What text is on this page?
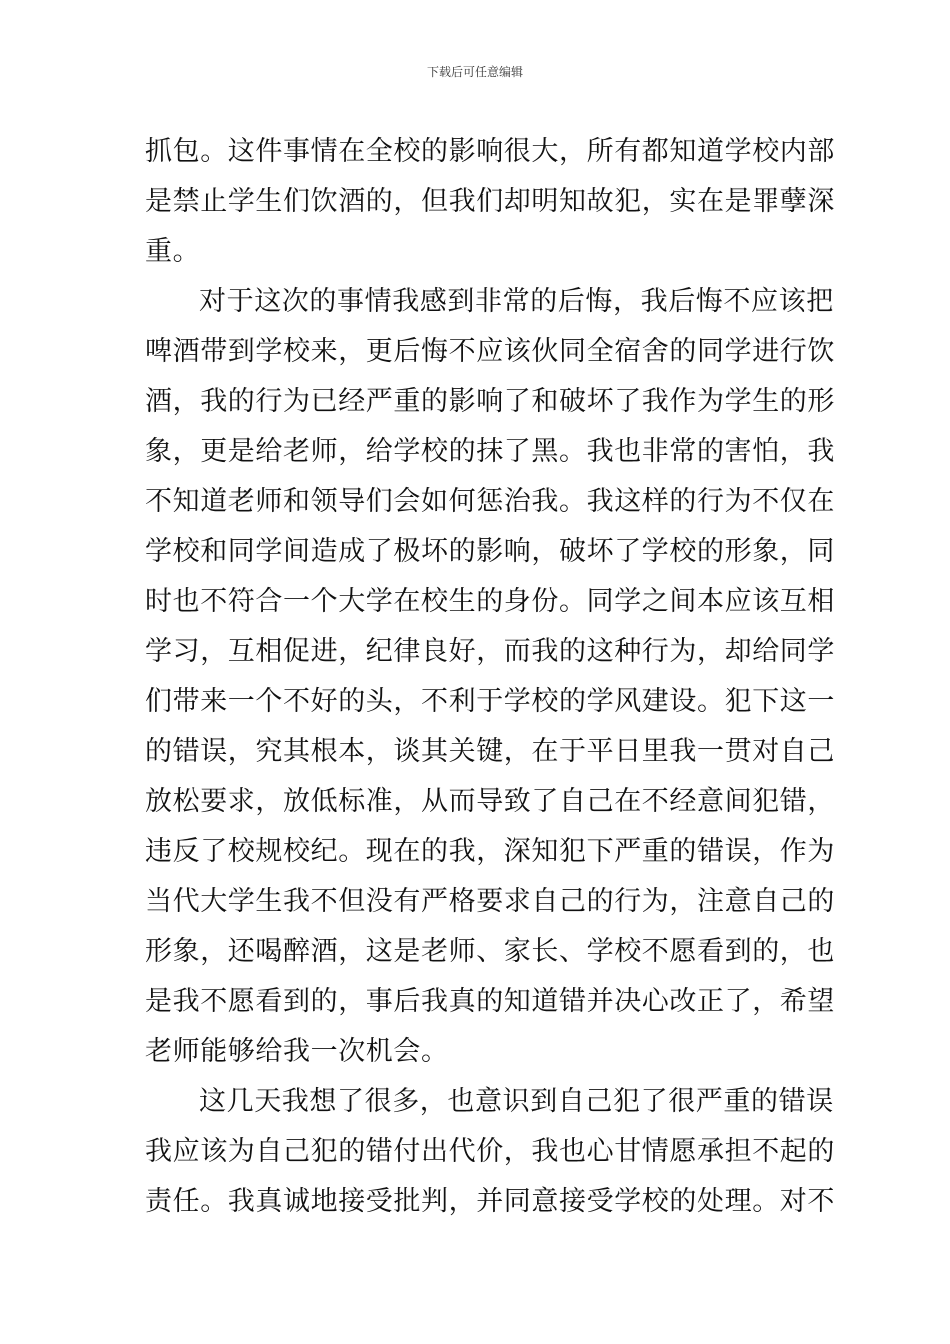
下载后可任意编辑
抓包。这件事情在全校的影响很大，所有都知道学校内部
是禁止学生们饮酒的，但我们却明知故犯，实在是罪孽深
重。
对于这次的事情我感到非常的后悔，我后悔不应该把
啤酒带到学校来，更后悔不应该伙同全宿舍的同学进行饮
酒，我的行为已经严重的影响了和破坏了我作为学生的形
象，更是给老师，给学校的抹了黑。我也非常的害怕，我
不知道老师和领导们会如何惩治我。我这样的行为不仅在
学校和同学间造成了极坏的影响，破坏了学校的形象，同
时也不符合一个大学在校生的身份。同学之间本应该互相
学习，互相促进，纪律良好，而我的这种行为，却给同学
们带来一个不好的头，不利于学校的学风建设。犯下这一
的错误，究其根本，谈其关键，在于平日里我一贯对自己
放松要求，放低标准，从而导致了自己在不经意间犯错，
违反了校规校纪。现在的我，深知犯下严重的错误，作为
当代大学生我不但没有严格要求自己的行为，注意自己的
形象，还喝醉酒，这是老师、家长、学校不愿看到的，也
是我不愿看到的，事后我真的知道错并决心改正了，希望
老师能够给我一次机会。
这几天我想了很多，也意识到自己犯了很严重的错误
我应该为自己犯的错付出代价，我也心甘情愿承担不起的
责任。我真诚地接受批判，并同意接受学校的处理。对不
